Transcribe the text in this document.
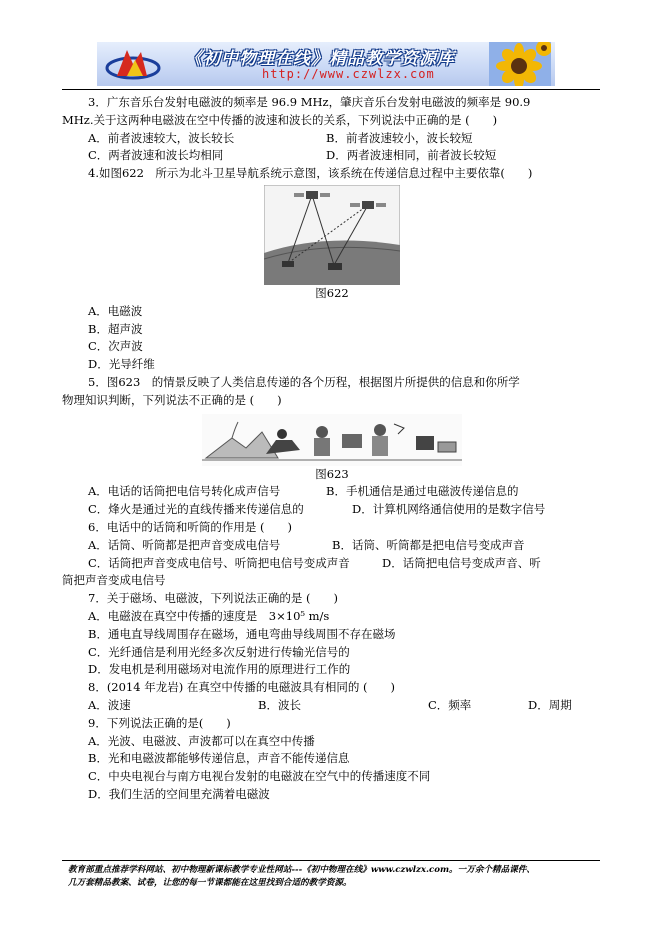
《初中物理在线》精品教学资源库
http://www.czwlzx.com
3．广东音乐台发射电磁波的频率是 96.9 MHz，肇庆音乐台发射电磁波的频率是 90.9
MHz.关于这两种电磁波在空中传播的波速和波长的关系，下列说法中正确的是 (　　)
A．前者波速较大，波长较长	B．前者波速较小，波长较短
C．两者波速和波长均相同	D．两者波速相同，前者波长较短
4.如图622　所示为北斗卫星导航系统示意图，该系统在传递信息过程中主要依靠(　　)
图622
A．电磁波
B．超声波
C．次声波
D．光导纤维
5．图623　的情景反映了人类信息传递的各个历程，根据图片所提供的信息和你所学
物理知识判断，下列说法不正确的是 (　　)
图623
A．电话的话筒把电信号转化成声信号	B．手机通信是通过电磁波传递信息的
C．烽火是通过光的直线传播来传递信息的	D．计算机网络通信使用的是数字信号
6．电话中的话筒和听筒的作用是 (　　)
A．话筒、听筒都是把声音变成电信号	B．话筒、听筒都是把电信号变成声音
C．话筒把声音变成电信号、听筒把电信号变成声音	D．话筒把电信号变成声音、听
筒把声音变成电信号
7．关于磁场、电磁波，下列说法正确的是 (　　)
A．电磁波在真空中传播的速度是　3×10⁵ m/s
B．通电直导线周围存在磁场，通电弯曲导线周围不存在磁场
C．光纤通信是利用光经多次反射进行传输光信号的
D．发电机是利用磁场对电流作用的原理进行工作的
8．(2014 年龙岩) 在真空中传播的电磁波具有相同的 (　　)
A．波速	B．波长	C．频率	D．周期
9．下列说法正确的是(　　)
A．光波、电磁波、声波都可以在真空中传播
B．光和电磁波都能够传递信息，声音不能传递信息
C．中央电视台与南方电视台发射的电磁波在空气中的传播速度不同
D．我们生活的空间里充满着电磁波
教育部重点推荐学科网站、初中物理新课标教学专业性网站---《初中物理在线》www.czwlzx.com。一万余个精品课件、
几万套精品教案、试卷，让您的每一节课都能在这里找到合适的教学资源。
